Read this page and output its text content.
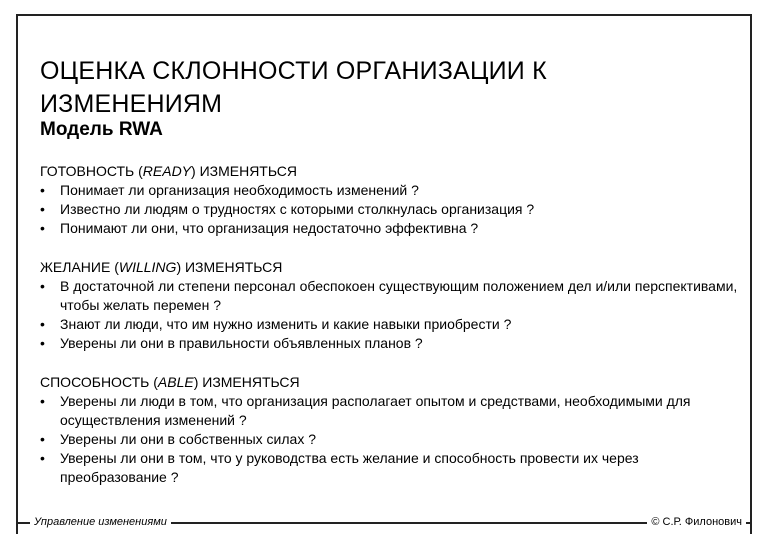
ОЦЕНКА СКЛОННОСТИ ОРГАНИЗАЦИИ К ИЗМЕНЕНИЯМ
Модель RWA
ГОТОВНОСТЬ (READY) ИЗМЕНЯТЬСЯ
• Понимает ли организация необходимость изменений ?
• Известно ли людям о трудностях с которыми столкнулась организация ?
• Понимают ли они, что организация недостаточно эффективна ?
ЖЕЛАНИЕ (WILLING) ИЗМЕНЯТЬСЯ
• В достаточной ли степени персонал обеспокоен существующим положением дел и/или перспективами, чтобы желать перемен ?
• Знают ли люди, что им нужно изменить и какие навыки приобрести ?
• Уверены ли они в правильности объявленных планов ?
СПОСОБНОСТЬ (ABLE) ИЗМЕНЯТЬСЯ
• Уверены ли люди в том, что организация располагает опытом и средствами, необходимыми для осуществления изменений ?
• Уверены ли они в собственных силах ?
• Уверены ли они в том, что у руководства есть желание и способность провести их через преобразование ?
Управление изменениями	© С.Р. Филонович
